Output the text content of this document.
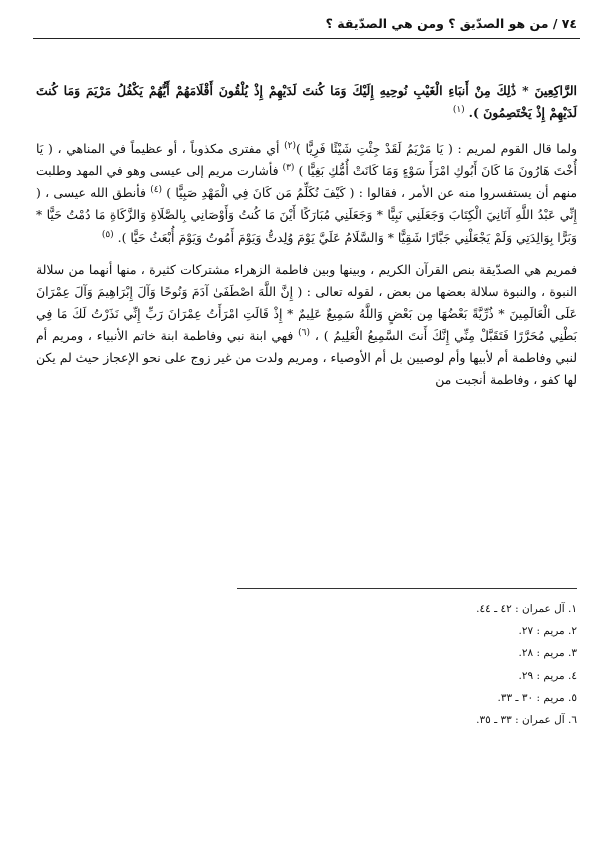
٧٤ / من هو الصدّيق ؟ ومن هي الصدّيقة ؟

الرَّاكِعِينَ * ذَٰلِكَ مِنْ أَنبَاءِ الْغَيْبِ نُوحِيهِ إِلَيْكَ وَمَا كُنتَ لَدَيْهِمْ إِذْ يُلْقُونَ أَقْلَامَهُمْ أَيُّهُمْ يَكْفُلُ مَرْيَمَ وَمَا كُنتَ لَدَيْهِمْ إِذْ يَخْتَصِمُونَ ). $^{(١)}$

ولما قال القوم لمريم : ( يَا مَرْيَمُ لَقَدْ جِئْتِ شَيْئًا فَرِيًّا )$^{(٢)}$ أي مفترى مكذوباً ، أو عظيماً في المناهي ، ( يَا أُخْتَ هَارُونَ مَا كَانَ أَبُوكِ امْرَأَ سَوْءٍ وَمَا كَانَتْ أُمُّكِ بَغِيًّا ) $^{(٣)}$ فأشارت مريم إلى عيسى وهو في المهد وطلبت منهم أن يستفسروا منه عن الأمر ، فقالوا : ( كَيْفَ نُكَلِّمُ مَن كَانَ فِي الْمَهْدِ صَبِيًّا ) $^{(٤)}$ فأنطق الله عيسى ، ( إِنِّي عَبْدُ اللَّهِ آتَانِيَ الْكِتَابَ وَجَعَلَنِي نَبِيًّا * وَجَعَلَنِي مُبَارَكًا أَيْنَ مَا كُنتُ وَأَوْصَانِي بِالصَّلَاةِ وَالزَّكَاةِ مَا دُمْتُ حَيًّا * وَبَرًّا بِوَالِدَتِي وَلَمْ يَجْعَلْنِي جَبَّارًا شَقِيًّا * وَالسَّلَامُ عَلَيَّ يَوْمَ وُلِدتُّ وَيَوْمَ أَمُوتُ وَيَوْمَ أُبْعَثُ حَيًّا ). $^{(٥)}$

فمريم هي الصدّيقة بنص القرآن الكريم ، وبينها وبين فاطمة الزهراء مشتركات كثيرة ، منها أنهما من سلالة النبوة ، والنبوة سلالة بعضها من بعض ، لقوله تعالى : ( إِنَّ اللَّهَ اصْطَفَىٰ آدَمَ وَنُوحًا وَآلَ إِبْرَاهِيمَ وَآلَ عِمْرَانَ عَلَى الْعَالَمِينَ * ذُرِّيَّةً بَعْضُهَا مِن بَعْضٍ وَاللَّهُ سَمِيعٌ عَلِيمٌ * إِذْ قَالَتِ امْرَأَتُ عِمْرَانَ رَبِّ إِنِّي نَذَرْتُ لَكَ مَا فِي بَطْنِي مُحَرَّرًا فَتَقَبَّلْ مِنِّي إِنَّكَ أَنتَ السَّمِيعُ الْعَلِيمُ ) ، $^{(٦)}$ فهي ابنة نبي وفاطمة ابنة خاتم الأنبياء ، ومريم أم لنبي وفاطمة أم لأبيها وأم لوصيين بل أم الأوصياء ، ومريم ولدت من غير زوج على نحو الإعجاز حيث لم يكن لها كفو ، وفاطمة أنجبت من

١. آل عمران : ٤٢ ـ ٤٤.
٢. مريم : ٢٧.
٣. مريم : ٢٨.
٤. مريم : ٢٩.
٥. مريم : ٣٠ ـ ٣٣.
٦. آل عمران : ٣٣ ـ ٣٥.
